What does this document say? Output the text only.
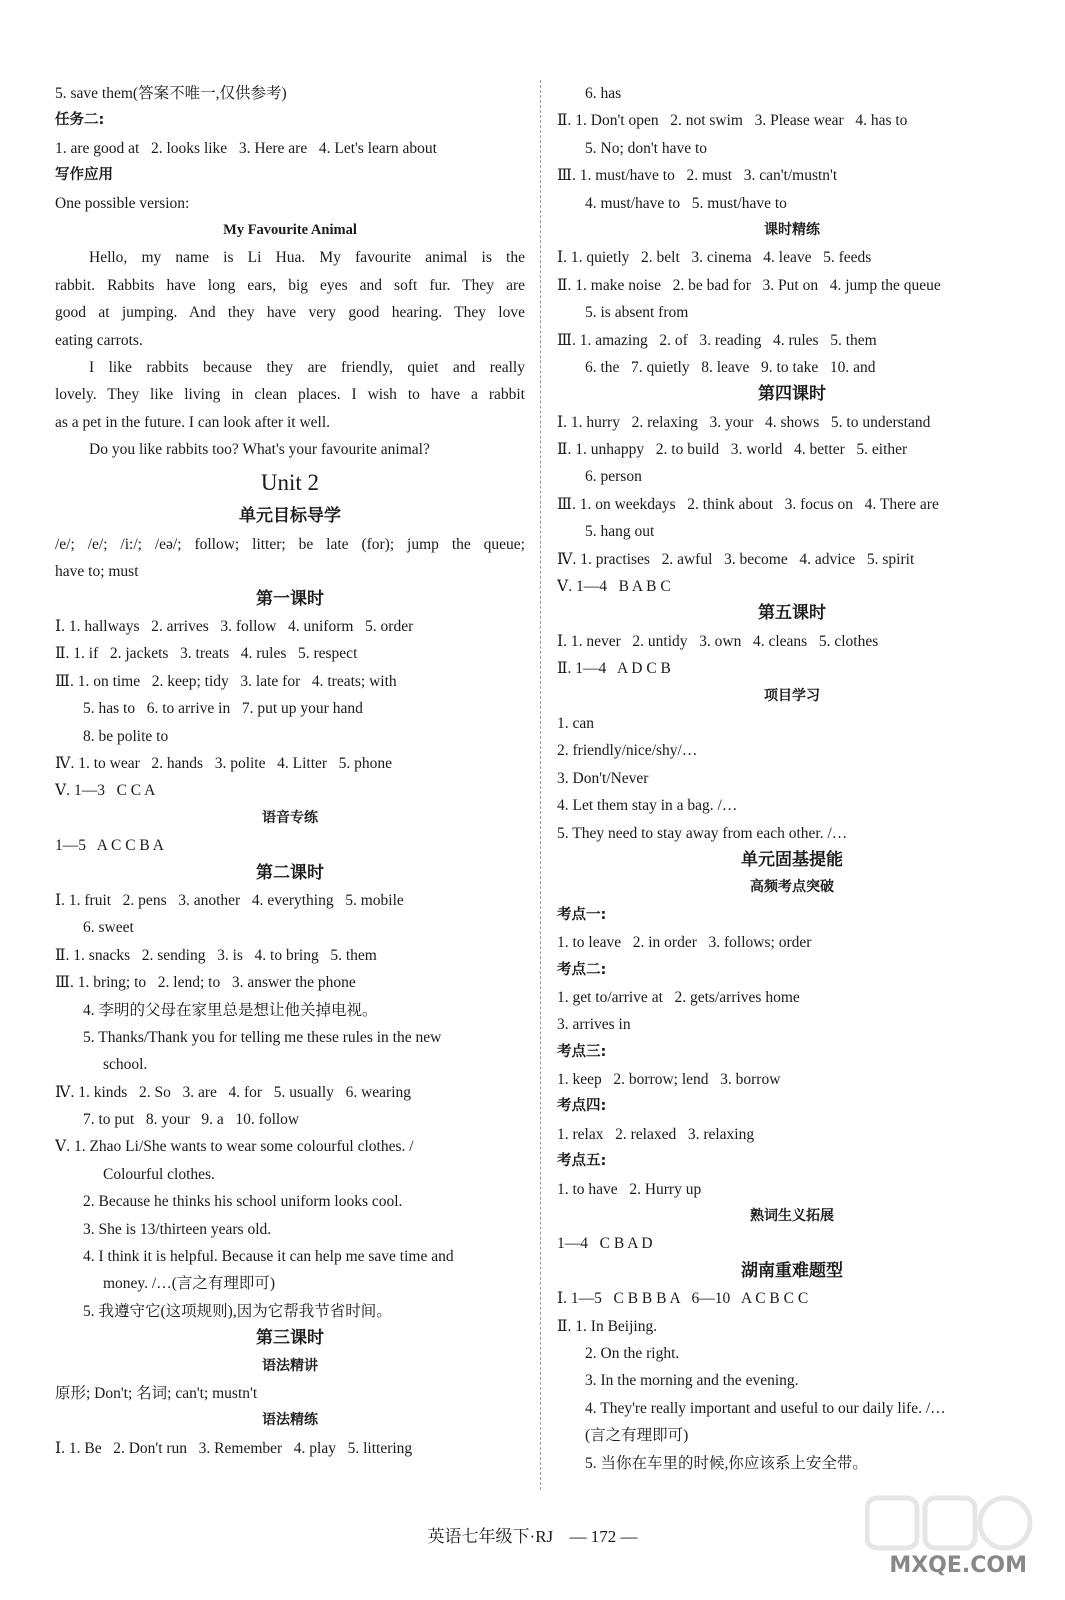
5. save them(答案不唯一,仅供参考)
任务二:
1. are good at   2. looks like   3. Here are   4. Let's learn about
写作应用
One possible version:
My Favourite Animal
Hello, my name is Li Hua. My favourite animal is the
rabbit. Rabbits have long ears, big eyes and soft fur. They are
good at jumping. And they have very good hearing. They love
eating carrots.
I like rabbits because they are friendly, quiet and really
lovely. They like living in clean places. I wish to have a rabbit
as a pet in the future. I can look after it well.
Do you like rabbits too? What's your favourite animal?
Unit 2
单元目标导学
/e/; /e/; /i:/; /eə/; follow; litter; be late (for); jump the queue;
have to; must
第一课时
Ⅰ. 1. hallways   2. arrives   3. follow   4. uniform   5. order
Ⅱ. 1. if   2. jackets   3. treats   4. rules   5. respect
Ⅲ. 1. on time   2. keep; tidy   3. late for   4. treats; with
5. has to   6. to arrive in   7. put up your hand
8. be polite to
Ⅳ. 1. to wear   2. hands   3. polite   4. Litter   5. phone
Ⅴ. 1—3   C C A
语音专练
1—5   A C C B A
第二课时
Ⅰ. 1. fruit   2. pens   3. another   4. everything   5. mobile
6. sweet
Ⅱ. 1. snacks   2. sending   3. is   4. to bring   5. them
Ⅲ. 1. bring; to   2. lend; to   3. answer the phone
4. 李明的父母在家里总是想让他关掉电视。
5. Thanks/Thank you for telling me these rules in the new
school.
Ⅳ. 1. kinds   2. So   3. are   4. for   5. usually   6. wearing
7. to put   8. your   9. a   10. follow
Ⅴ. 1. Zhao Li/She wants to wear some colourful clothes. /
Colourful clothes.
2. Because he thinks his school uniform looks cool.
3. She is 13/thirteen years old.
4. I think it is helpful. Because it can help me save time and
money. /…(言之有理即可)
5. 我遵守它(这项规则),因为它帮我节省时间。
第三课时
语法精讲
原形; Don't; 名词; can't; mustn't
语法精练
Ⅰ. 1. Be   2. Don't run   3. Remember   4. play   5. littering
6. has
Ⅱ. 1. Don't open   2. not swim   3. Please wear   4. has to
5. No; don't have to
Ⅲ. 1. must/have to   2. must   3. can't/mustn't
4. must/have to   5. must/have to
课时精练
Ⅰ. 1. quietly   2. belt   3. cinema   4. leave   5. feeds
Ⅱ. 1. make noise   2. be bad for   3. Put on   4. jump the queue
5. is absent from
Ⅲ. 1. amazing   2. of   3. reading   4. rules   5. them
6. the   7. quietly   8. leave   9. to take   10. and
第四课时
Ⅰ. 1. hurry   2. relaxing   3. your   4. shows   5. to understand
Ⅱ. 1. unhappy   2. to build   3. world   4. better   5. either
6. person
Ⅲ. 1. on weekdays   2. think about   3. focus on   4. There are
5. hang out
Ⅳ. 1. practises   2. awful   3. become   4. advice   5. spirit
Ⅴ. 1—4   B A B C
第五课时
Ⅰ. 1. never   2. untidy   3. own   4. cleans   5. clothes
Ⅱ. 1—4   A D C B
项目学习
1. can
2. friendly/nice/shy/…
3. Don't/Never
4. Let them stay in a bag. /…
5. They need to stay away from each other. /…
单元固基提能
高频考点突破
考点一:
1. to leave   2. in order   3. follows; order
考点二:
1. get to/arrive at   2. gets/arrives home
3. arrives in
考点三:
1. keep   2. borrow; lend   3. borrow
考点四:
1. relax   2. relaxed   3. relaxing
考点五:
1. to have   2. Hurry up
熟词生义拓展
1—4   C B A D
湖南重难题型
Ⅰ. 1—5   C B B B A   6—10   A C B C C
Ⅱ. 1. In Beijing.
2. On the right.
3. In the morning and the evening.
4. They're really important and useful to our daily life. /…
(言之有理即可)
5. 当你在车里的时候,你应该系上安全带。
英语七年级下·RJ — 172 —
MXQE.COM
